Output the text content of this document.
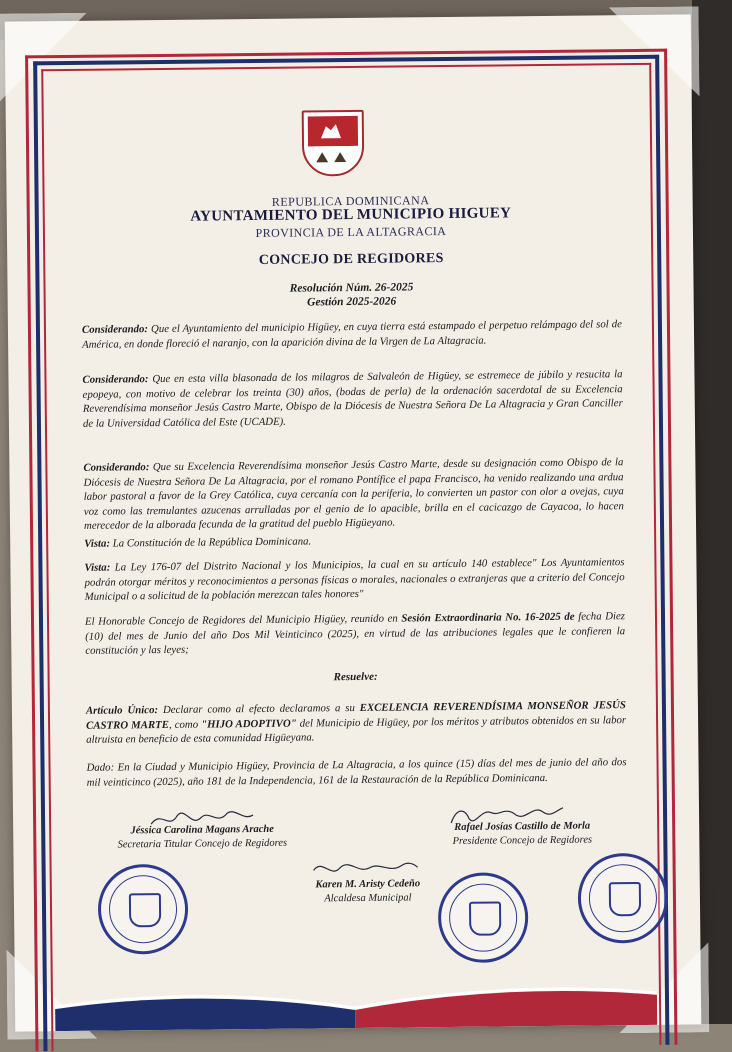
REPUBLICA DOMINICANA
AYUNTAMIENTO DEL MUNICIPIO HIGUEY
PROVINCIA DE LA ALTAGRACIA
CONCEJO DE REGIDORES
Resolución Núm. 26-2025
Gestión 2025-2026
Considerando: Que el Ayuntamiento del municipio Higüey, en cuya tierra está estampado el perpetuo relámpago del sol de América, en donde floreció el naranjo, con la aparición divina de la Virgen de La Altagracia.
Considerando: Que en esta villa blasonada de los milagros de Salvaleón de Higüey, se estremece de júbilo y resucita la epopeya, con motivo de celebrar los treinta (30) años, (bodas de perla) de la ordenación sacerdotal de su Excelencia Reverendísima monseñor Jesús Castro Marte, Obispo de la Diócesis de Nuestra Señora De La Altagracia y Gran Canciller de la Universidad Católica del Este (UCADE).
Considerando: Que su Excelencia Reverendísima monseñor Jesús Castro Marte, desde su designación como Obispo de la Diócesis de Nuestra Señora De La Altagracia, por el romano Pontífice el papa Francisco, ha venido realizando una ardua labor pastoral a favor de la Grey Católica, cuya cercanía con la periferia, lo convierten un pastor con olor a ovejas, cuya voz como las tremulantes azucenas arrulladas por el genio de lo apacible, brilla en el cacicazgo de Cayacoa, lo hacen merecedor de la alborada fecunda de la gratitud del pueblo Higüeyano.
Vista: La Constitución de la República Dominicana.
Vista: La Ley 176-07 del Distrito Nacional y los Municipios, la cual en su artículo 140 establece" Los Ayuntamientos podrán otorgar méritos y reconocimientos a personas físicas o morales, nacionales o extranjeras que a criterio del Concejo Municipal o a solicitud de la población merezcan tales honores"
El Honorable Concejo de Regidores del Municipio Higüey, reunido en Sesión Extraordinaria No. 16-2025 de fecha Diez (10) del mes de Junio del año Dos Mil Veinticinco (2025), en virtud de las atribuciones legales que le confieren la constitución y las leyes;
Resuelve:
Artículo Único: Declarar como al efecto declaramos a su EXCELENCIA REVERENDÍSIMA MONSEÑOR JESÚS CASTRO MARTE, como "HIJO ADOPTIVO" del Municipio de Higüey, por los méritos y atributos obtenidos en su labor altruista en beneficio de esta comunidad Higüeyana.
Dado: En la Ciudad y Municipio Higüey, Provincia de La Altagracia, a los quince (15) días del mes de junio del año dos mil veinticinco (2025), año 181 de la Independencia, 161 de la Restauración de la República Dominicana.
Jéssica Carolina Magans Arache
Secretaria Titular Concejo de Regidores
Rafael Josías Castillo de Morla
Presidente Concejo de Regidores
Karen M. Aristy Cedeño
Alcaldesa Municipal
